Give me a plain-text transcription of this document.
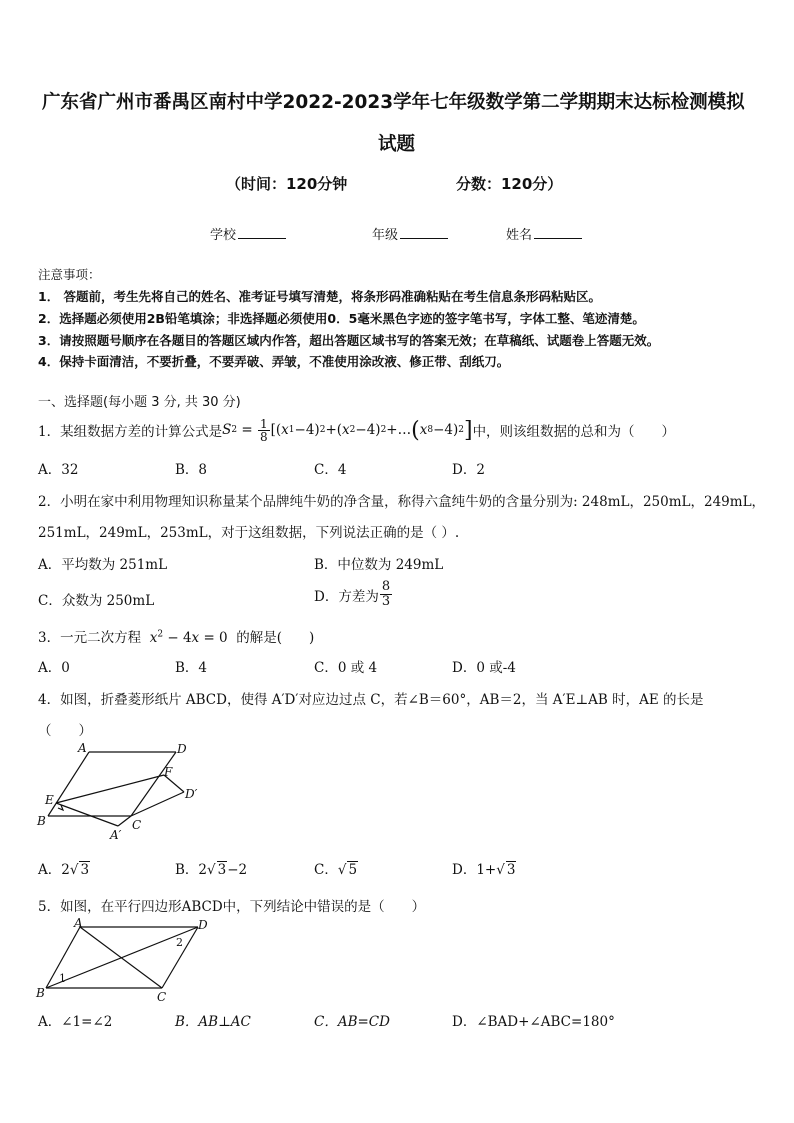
广东省广州市番禺区南村中学2022-2023学年七年级数学第二学期期末达标检测模拟
试题
（时间：120分钟	分数：120分）
学校	年级	姓名
注意事项：
1． 答题前，考生先将自己的姓名、准考证号填写清楚，将条形码准确粘贴在考生信息条形码粘贴区。
2．选择题必须使用2B铅笔填涂；非选择题必须使用0．5毫米黑色字迹的签字笔书写，字体工整、笔迹清楚。
3．请按照题号顺序在各题目的答题区域内作答，超出答题区域书写的答案无效；在草稿纸、试题卷上答题无效。
4．保持卡面清洁，不要折叠，不要弄破、弄皱，不准使用涂改液、修正带、刮纸刀。
一、选择题(每小题 3 分, 共 30 分)
1．某组数据方差的计算公式是 S $2 = \frac{1}{8}$ [( x 1 −4) 2 +( x 2 −4) 2 +… ( x 8 −4) 2 ] 中，则该组数据的总和为（　　）
A．32	B．8	C．4	D．2
2．小明在家中利用物理知识称量某个品牌纯牛奶的净含量，称得六盒纯牛奶的含量分别为: 248mL，250mL，249mL，
251mL，249mL，253mL，对于这组数据，下列说法正确的是（ ）.
A．平均数为 251mL	B．中位数为 249mL
C．众数为 250mL	D．方差为 $\frac{8}{3}$
3．一元二次方程 $x^2 - 4x = 0$  的解是(　　)
A．0	B．4	C．0 或 4	D．0 或-4
4．如图，折叠菱形纸片 ABCD，使得 A′D′对应边过点 C，若∠B＝60°，AB＝2，当 A′E⊥AB 时，AE 的长是
（　　）
A	D
F
D′
E
B	C
A′
A．2√ 3	B．2√ 3−2	C．√ 5	D．1+√ 3
5．如图，在平行四边形ABCD中，下列结论中错误的是（　　）
A	D
B	C
1
2
A．∠1=∠2	B．AB⊥AC	C．AB=CD	D．∠BAD+∠ABC=180°
